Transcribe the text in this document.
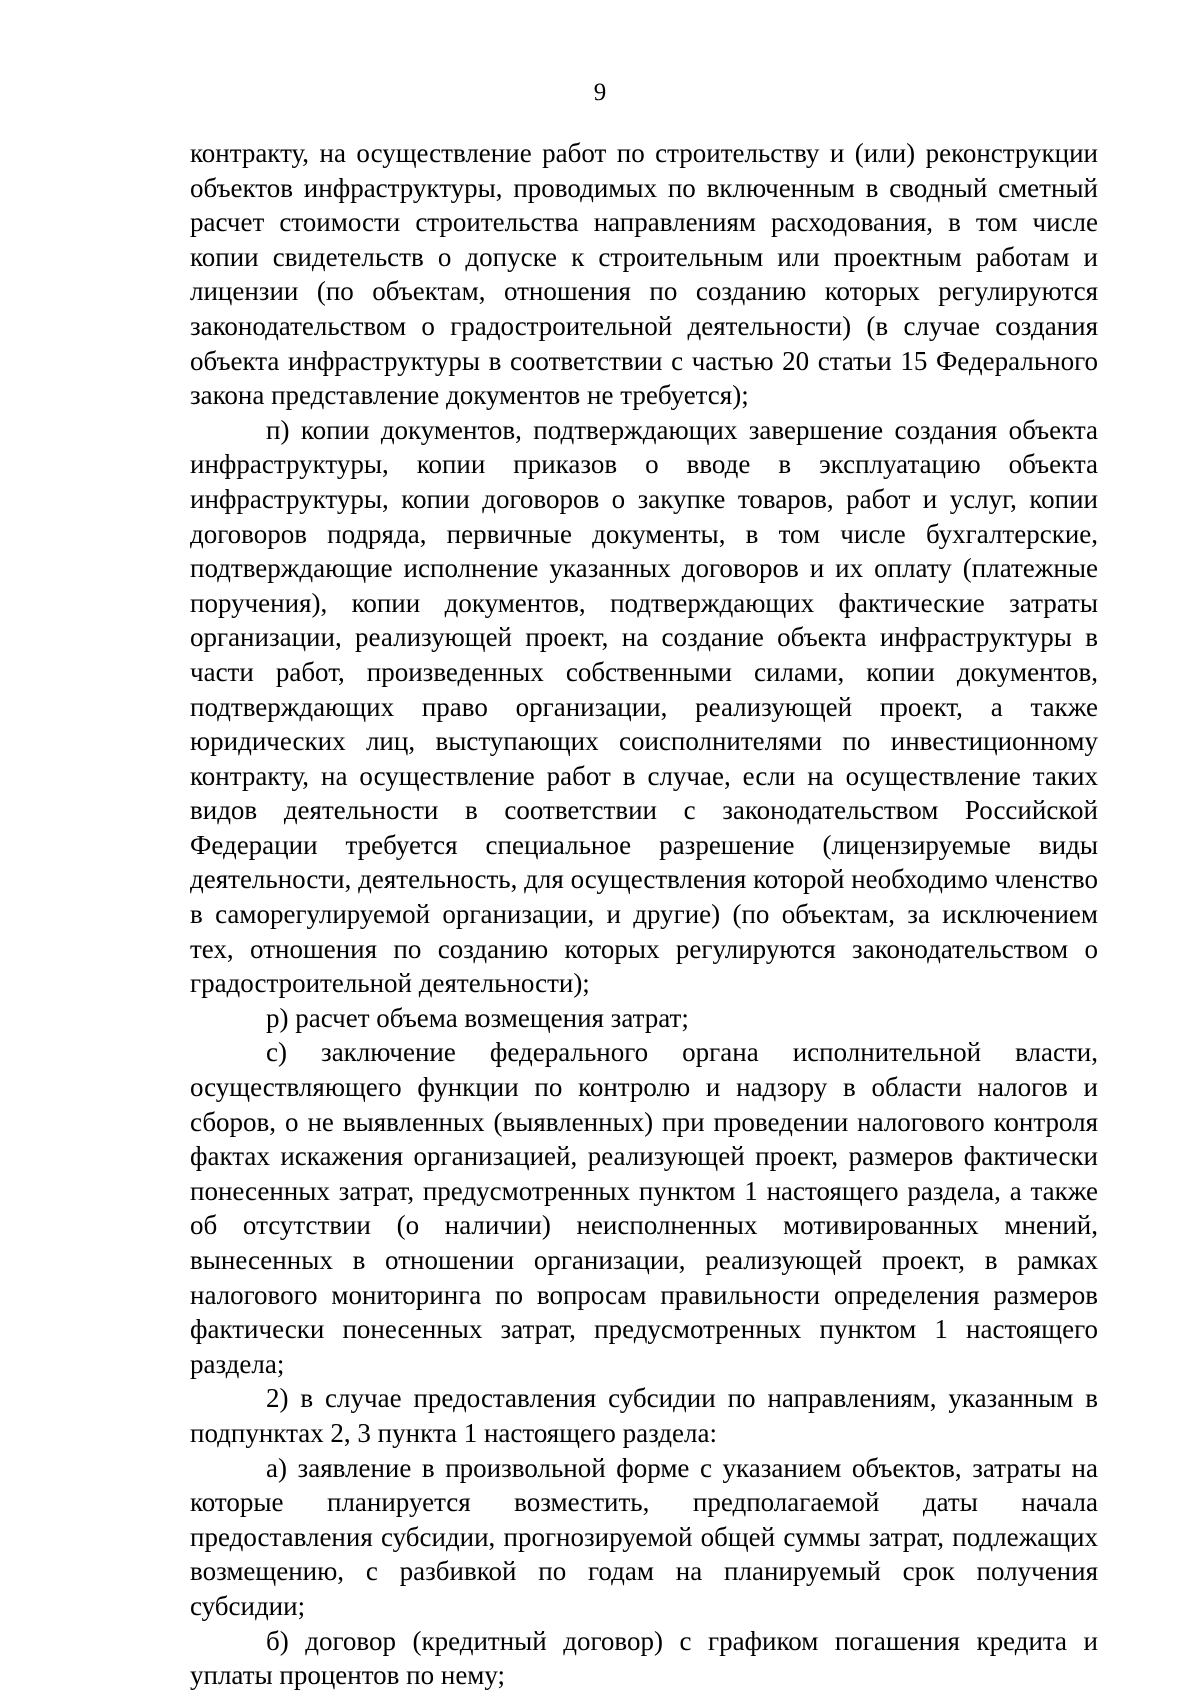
9

контракту, на осуществление работ по строительству и (или) реконструкции объектов инфраструктуры, проводимых по включенным в сводный сметный расчет стоимости строительства направлениям расходования, в том числе копии свидетельств о допуске к строительным или проектным работам и лицензии (по объектам, отношения по созданию которых регулируются законодательством о градостроительной деятельности) (в случае создания объекта инфраструктуры в соответствии с частью 20 статьи 15 Федерального закона представление документов не требуется);

п) копии документов, подтверждающих завершение создания объекта инфраструктуры, копии приказов о вводе в эксплуатацию объекта инфраструктуры, копии договоров о закупке товаров, работ и услуг, копии договоров подряда, первичные документы, в том числе бухгалтерские, подтверждающие исполнение указанных договоров и их оплату (платежные поручения), копии документов, подтверждающих фактические затраты организации, реализующей проект, на создание объекта инфраструктуры в части работ, произведенных собственными силами, копии документов, подтверждающих право организации, реализующей проект, а также юридических лиц, выступающих соисполнителями по инвестиционному контракту, на осуществление работ в случае, если на осуществление таких видов деятельности в соответствии с законодательством Российской Федерации требуется специальное разрешение (лицензируемые виды деятельности, деятельность, для осуществления которой необходимо членство в саморегулируемой организации, и другие) (по объектам, за исключением тех, отношения по созданию которых регулируются законодательством о градостроительной деятельности);

р) расчет объема возмещения затрат;

с) заключение федерального органа исполнительной власти, осуществляющего функции по контролю и надзору в области налогов и сборов, о не выявленных (выявленных) при проведении налогового контроля фактах искажения организацией, реализующей проект, размеров фактически понесенных затрат, предусмотренных пунктом 1 настоящего раздела, а также об отсутствии (о наличии) неисполненных мотивированных мнений, вынесенных в отношении организации, реализующей проект, в рамках налогового мониторинга по вопросам правильности определения размеров фактически понесенных затрат, предусмотренных пунктом 1 настоящего раздела;

2) в случае предоставления субсидии по направлениям, указанным в подпунктах 2, 3 пункта 1 настоящего раздела:

а) заявление в произвольной форме с указанием объектов, затраты на которые планируется возместить, предполагаемой даты начала предоставления субсидии, прогнозируемой общей суммы затрат, подлежащих возмещению, с разбивкой по годам на планируемый срок получения субсидии;

б) договор (кредитный договор) с графиком погашения кредита и уплаты процентов по нему;
